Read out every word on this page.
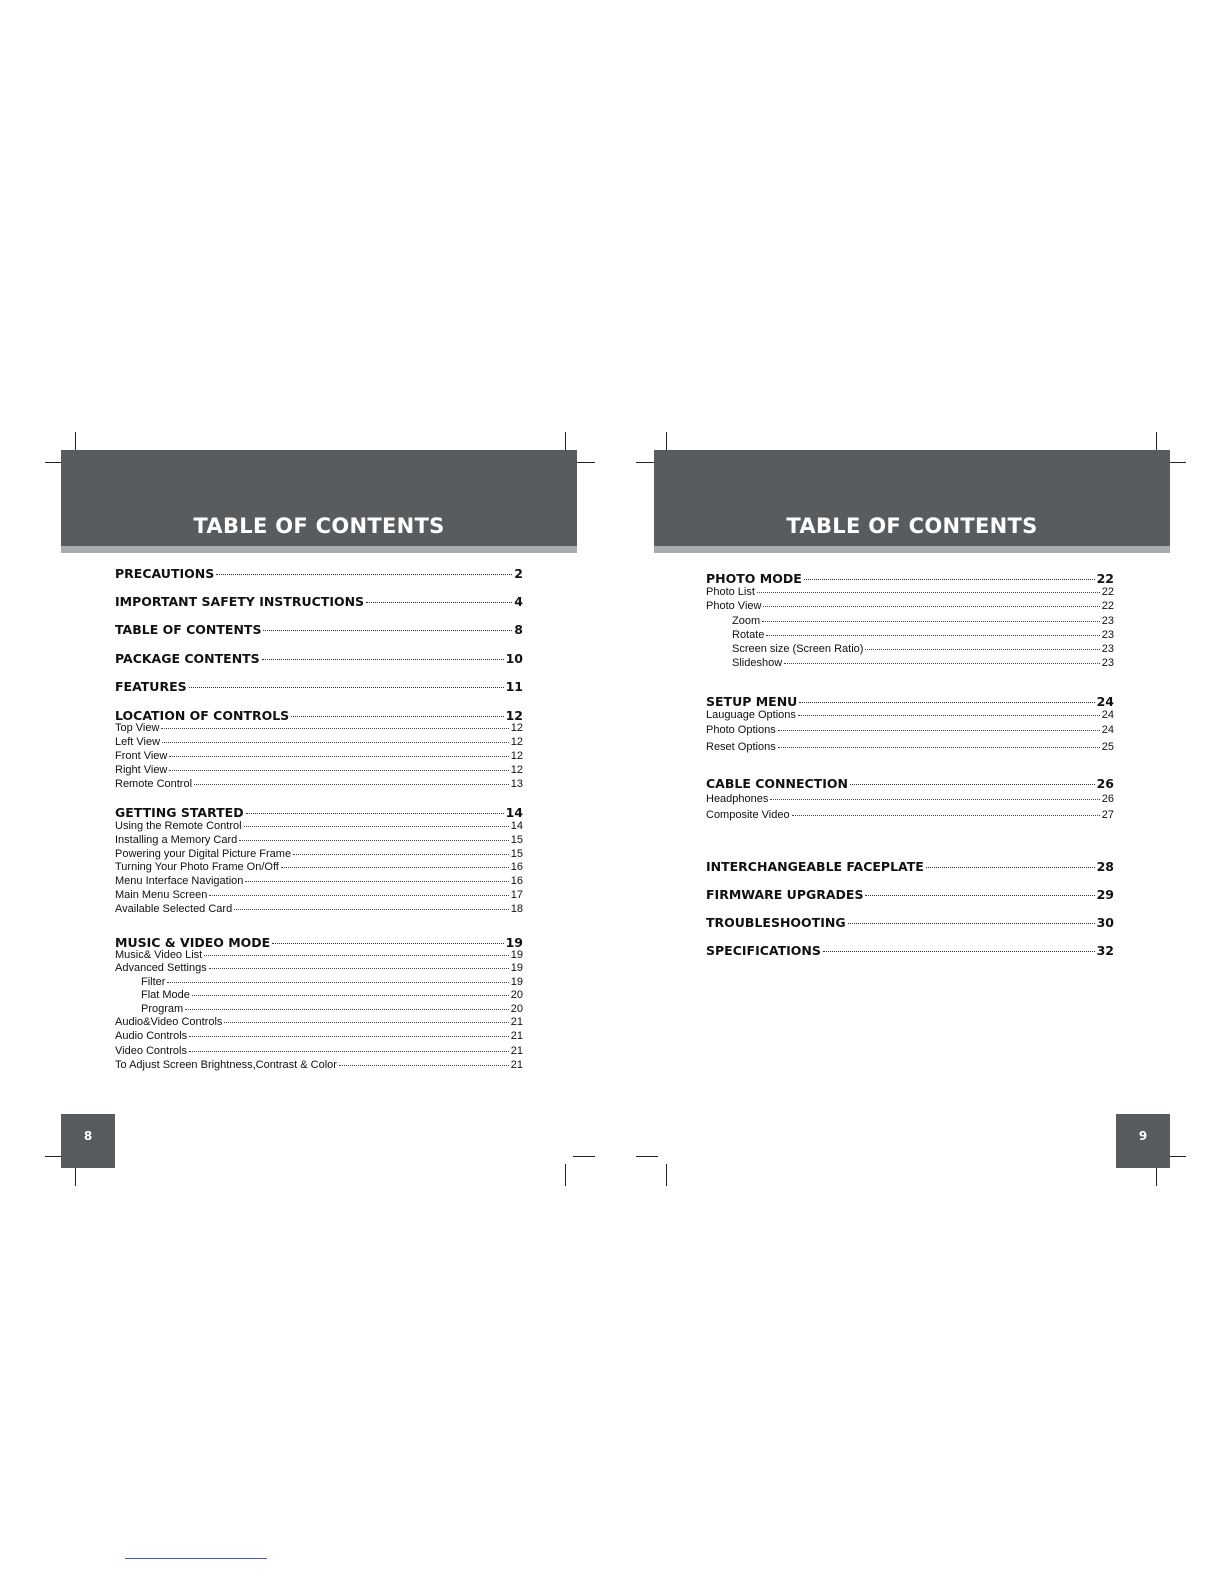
TABLE OF CONTENTS
PRECAUTIONS	2
IMPORTANT SAFETY INSTRUCTIONS	4
TABLE OF CONTENTS	8
PACKAGE CONTENTS	10
FEATURES	11
LOCATION OF CONTROLS	12
Top View	12
Left View	12
Front View	12
Right View	12
Remote Control	13
GETTING STARTED	14
Using the Remote Control	14
Installing a Memory Card	15
Powering your Digital Picture Frame	15
Turning Your Photo Frame On/Off	16
Menu Interface Navigation	16
Main Menu Screen	17
Available Selected Card	18
MUSIC & VIDEO MODE	19
Music& Video List	19
Advanced Settings	19
Filter	19
Flat Mode	20
Program	20
Audio&Video Controls	21
Audio Controls	21
Video Controls	21
To Adjust Screen Brightness,Contrast & Color	21
8
TABLE OF CONTENTS
PHOTO MODE	22
Photo List	22
Photo View	22
Zoom	23
Rotate	23
Screen size (Screen Ratio)	23
Slideshow	23
SETUP MENU	24
Lauguage Options	24
Photo Options	24
Reset Options	25
CABLE CONNECTION	26
Headphones	26
Composite Video	27
INTERCHANGEABLE FACEPLATE	28
FIRMWARE UPGRADES	29
TROUBLESHOOTING	30
SPECIFICATIONS	32
9
